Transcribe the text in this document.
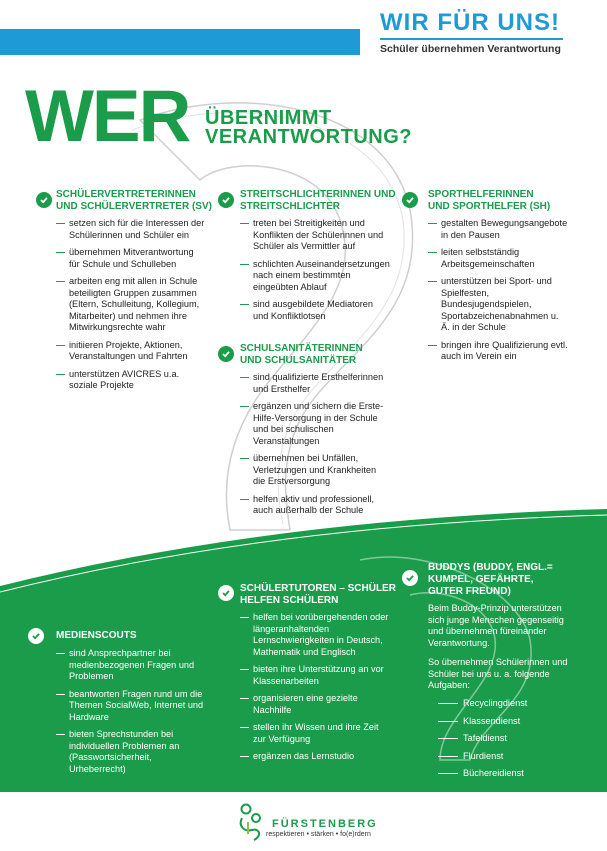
WIR FÜR UNS!
Schüler übernehmen Verantwortung
WER ÜBERNIMMT
VERANTWORTUNG?
SCHÜLERVERTRETERINNEN
UND SCHÜLERVERTRETER (SV)
setzen sich für die Interessen der Schülerinnen und Schüler ein
übernehmen Mitverantwortung für Schule und Schulleben
arbeiten eng mit allen in Schule beteiligten Gruppen zusammen (Eltern, Schulleitung, Kollegium, Mitarbeiter) und nehmen ihre Mitwirkungsrechte wahr
initiieren Projekte, Aktionen, Veranstaltungen und Fahrten
unterstützen AVICRES u.a. soziale Projekte
STREITSCHLICHTERINNEN UND
STREITSCHLICHTER
treten bei Streitigkeiten und Konflikten der Schülerinnen und Schüler als Vermittler auf
schlichten Auseinandersetzungen nach einem bestimmten eingeübten Ablauf
sind ausgebildete Mediatoren und Konfliktlotsen
SPORTHELFERINNEN
UND SPORTHELFER (SH)
gestalten Bewegungsangebote in den Pausen
leiten selbstständig Arbeitsgemeinschaften
unterstützen bei Sport- und Spielfesten, Bundesjugendspielen, Sportabzeichenabnahmen u. Ä. in der Schule
bringen ihre Qualifizierung evtl. auch im Verein ein
SCHULSANITÄTERINNEN
UND SCHULSANITÄTER
sind qualifizierte Ersthelferinnen und Ersthelfer
ergänzen und sichern die Erste-Hilfe-Versorgung in der Schule und bei schulischen Veranstaltungen
übernehmen bei Unfällen, Verletzungen und Krankheiten die Erstversorgung
helfen aktiv und professionell, auch außerhalb der Schule
MEDIENSCOUTS
sind Ansprechpartner bei medienbezogenen Fragen und Problemen
beantworten Fragen rund um die Themen SocialWeb, Internet und Hardware
bieten Sprechstunden bei individuellen Problemen an (Passwortsicherheit, Urheberrecht)
SCHÜLERTUTOREN – SCHÜLER
HELFEN SCHÜLERN
helfen bei vorübergehenden oder längeranhaltenden Lernschwierigkeiten in Deutsch, Mathematik und Englisch
bieten ihre Unterstützung an vor Klassenarbeiten
organisieren eine gezielte Nachhilfe
stellen ihr Wissen und ihre Zeit zur Verfügung
ergänzen das Lernstudio
BUDDYS (BUDDY, ENGL.=
KUMPEL, GEFÄHRTE,
GUTER FREUND)
Beim Buddy-Prinzip unterstützen sich junge Menschen gegenseitig und übernehmen füreinander Verantwortung.
So übernehmen Schülerinnen und Schüler bei uns u. a. folgende Aufgaben:
Recyclingdienst
Klassendienst
Tafeldienst
Flurdienst
Büchereidienst
FÜRSTENBERG
respektieren • stärken • fo(e)rdern
